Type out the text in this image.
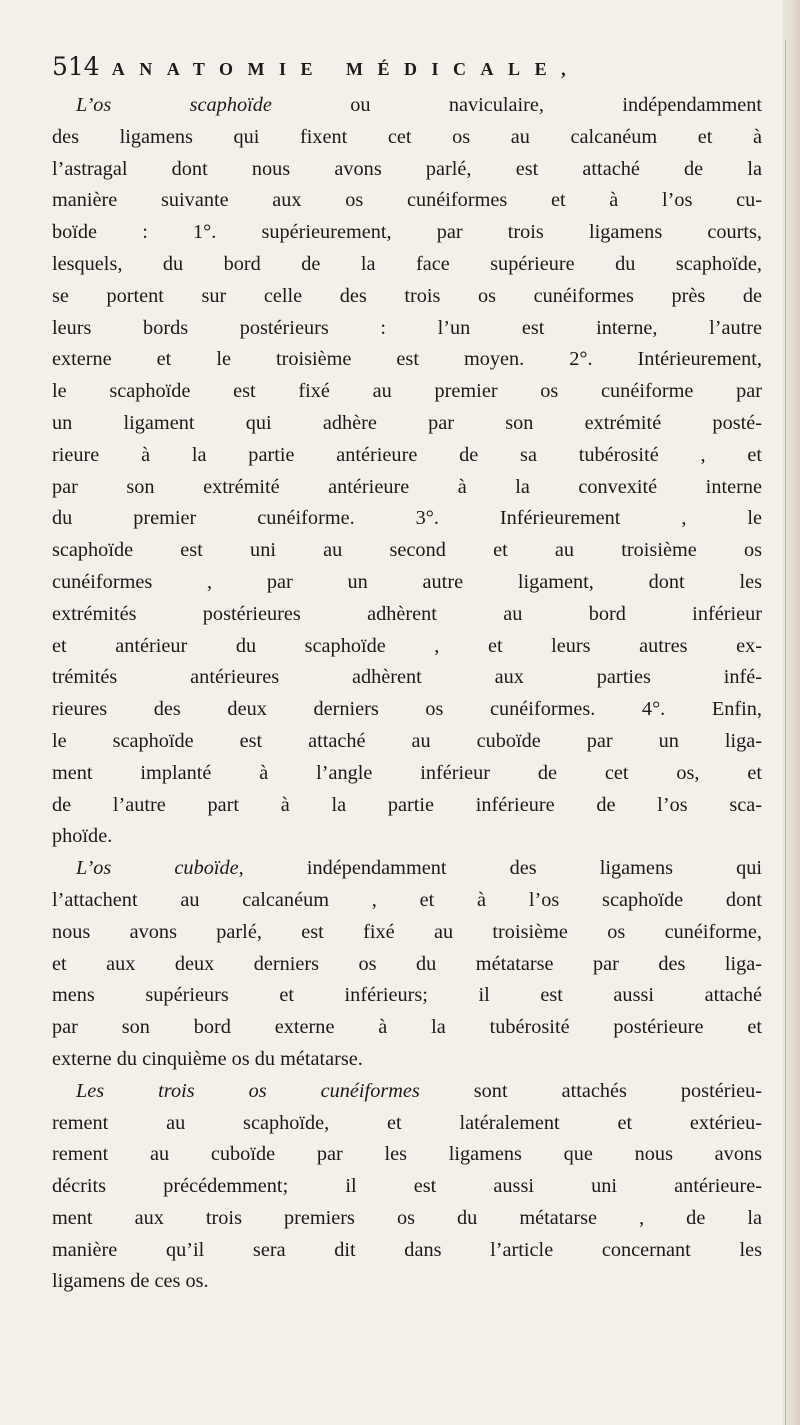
514 ANATOMIE MÉDICALE,
L’os scaphoïde ou naviculaire, indépendamment
des ligamens qui fixent cet os au calcanéum et à
l’astragal dont nous avons parlé, est attaché de la
manière suivante aux os cunéiformes et à l’os cu-
boïde : 1°. supérieurement, par trois ligamens courts,
lesquels, du bord de la face supérieure du scaphoïde,
se portent sur celle des trois os cunéiformes près de
leurs bords postérieurs : l’un est interne, l’autre
externe et le troisième est moyen. 2°. Intérieurement,
le scaphoïde est fixé au premier os cunéiforme par
un ligament qui adhère par son extrémité posté-
rieure à la partie antérieure de sa tubérosité , et
par son extrémité antérieure à la convexité interne
du premier cunéiforme. 3°. Inférieurement , le
scaphoïde est uni au second et au troisième os
cunéiformes , par un autre ligament, dont les
extrémités postérieures adhèrent au bord inférieur
et antérieur du scaphoïde , et leurs autres ex-
trémités antérieures adhèrent aux parties infé-
rieures des deux derniers os cunéiformes. 4°. Enfin,
le scaphoïde est attaché au cuboïde par un liga-
ment implanté à l’angle inférieur de cet os, et
de l’autre part à la partie inférieure de l’os sca-
phoïde.
L’os cuboïde, indépendamment des ligamens qui
l’attachent au calcanéum , et à l’os scaphoïde dont
nous avons parlé, est fixé au troisième os cunéiforme,
et aux deux derniers os du métatarse par des liga-
mens supérieurs et inférieurs; il est aussi attaché
par son bord externe à la tubérosité postérieure et
externe du cinquième os du métatarse.
Les trois os cunéiformes sont attachés postérieu-
rement au scaphoïde, et latéralement et extérieu-
rement au cuboïde par les ligamens que nous avons
décrits précédemment; il est aussi uni antérieure-
ment aux trois premiers os du métatarse , de la
manière qu’il sera dit dans l’article concernant les
ligamens de ces os.
